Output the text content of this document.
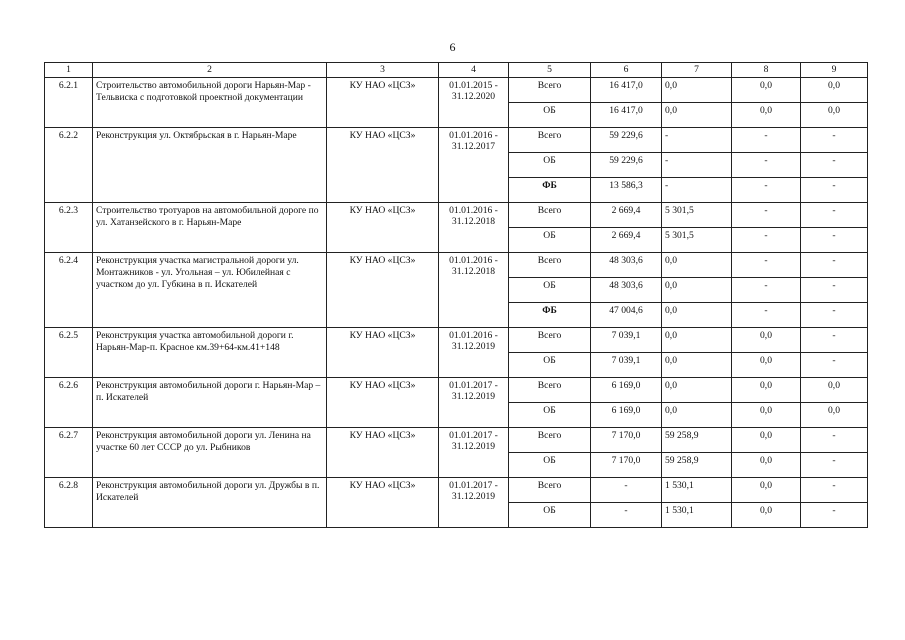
6
1	2	3	4	5	6	7	8	9
6.2.1	Строительство автомобильной дороги Нарьян-Мар - Тельвиска с подготовкой проектной документации	КУ НАО «ЦСЗ»	01.01.2015 - 31.12.2020	Всего	16 417,0	0,0	0,0	0,0
				ОБ	16 417,0	0,0	0,0	0,0
6.2.2	Реконструкция ул. Октябрьская в г. Нарьян-Маре	КУ НАО «ЦСЗ»	01.01.2016 - 31.12.2017	Всего	59 229,6	-	-	-
				ОБ	59 229,6	-	-	-
				ФБ	13 586,3	-	-	-
6.2.3	Строительство тротуаров на автомобильной дороге по ул. Хатанзейского в г. Нарьян-Маре	КУ НАО «ЦСЗ»	01.01.2016 - 31.12.2018	Всего	2 669,4	5 301,5	-	-
				ОБ	2 669,4	5 301,5	-	-
6.2.4	Реконструкция участка магистральной дороги ул. Монтажников - ул. Угольная – ул. Юбилейная с участком до ул. Губкина в п. Искателей	КУ НАО «ЦСЗ»	01.01.2016 - 31.12.2018	Всего	48 303,6	0,0	-	-
				ОБ	48 303,6	0,0	-	-
				ФБ	47 004,6	0,0	-	-
6.2.5	Реконструкция участка автомобильной дороги г. Нарьян-Мар-п. Красное км.39+64-км.41+148	КУ НАО «ЦСЗ»	01.01.2016 - 31.12.2019	Всего	7 039,1	0,0	0,0	-
				ОБ	7 039,1	0,0	0,0	-
6.2.6	Реконструкция автомобильной дороги г. Нарьян-Мар – п. Искателей	КУ НАО «ЦСЗ»	01.01.2017 - 31.12.2019	Всего	6 169,0	0,0	0,0	0,0
				ОБ	6 169,0	0,0	0,0	0,0
6.2.7	Реконструкция автомобильной дороги ул. Ленина на участке 60 лет СССР до ул. Рыбников	КУ НАО «ЦСЗ»	01.01.2017 - 31.12.2019	Всего	7 170,0	59 258,9	0,0	-
				ОБ	7 170,0	59 258,9	0,0	-
6.2.8	Реконструкция автомобильной дороги ул. Дружбы в п. Искателей	КУ НАО «ЦСЗ»	01.01.2017 - 31.12.2019	Всего	-	1 530,1	0,0	-
				ОБ	-	1 530,1	0,0	-
